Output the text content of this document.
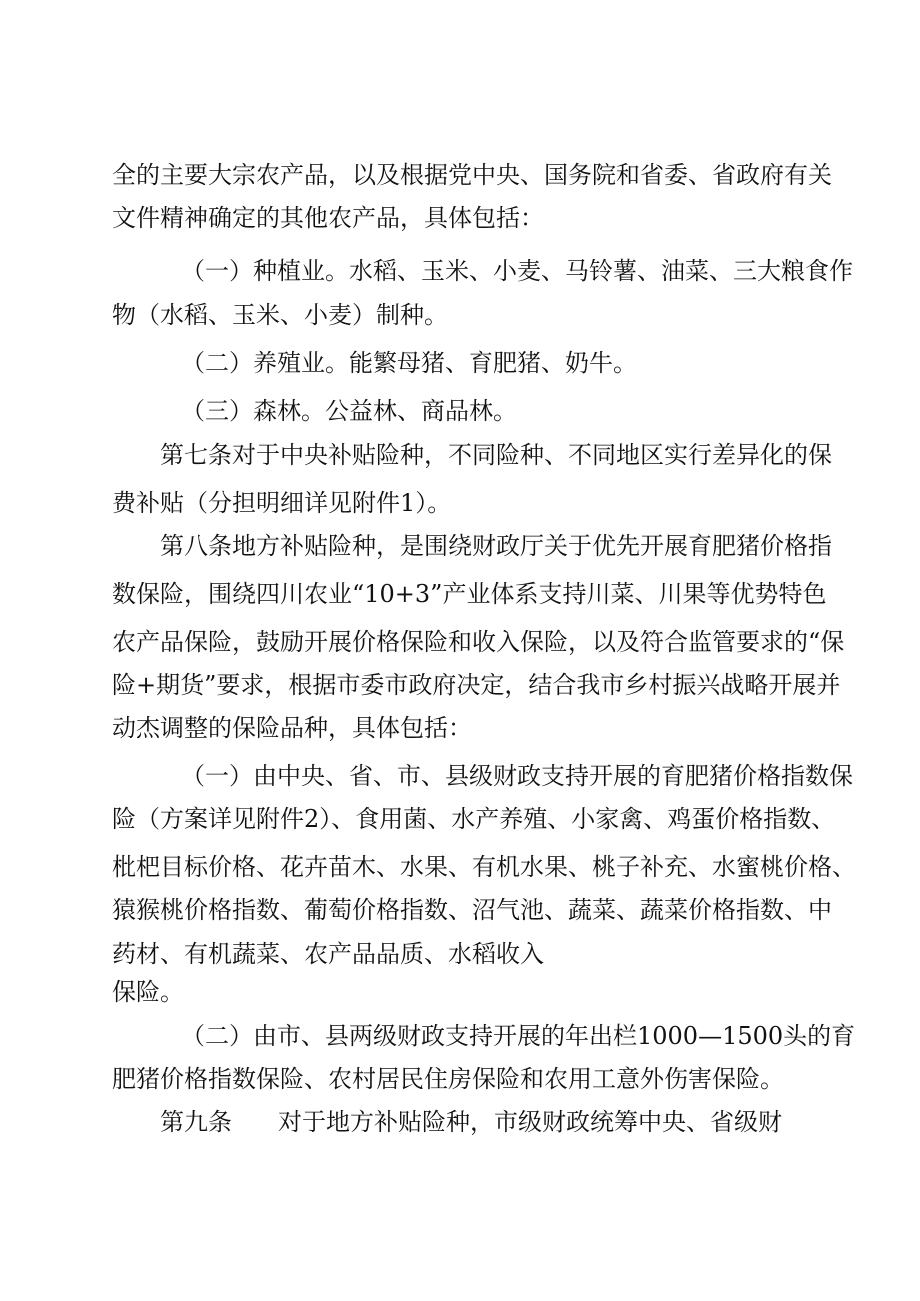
全的主要大宗农产品，以及根据党中央、国务院和省委、省政府有关

文件精神确定的其他农产品，具体包括：

（一）种植业。水稻、玉米、小麦、马铃薯、油菜、三大粮食作

物（水稻、玉米、小麦）制种。

（二）养殖业。能繁母猪、育肥猪、奶牛。

（三）森林。公益林、商品林。

第七条对于中央补贴险种，不同险种、不同地区实行差异化的保

费补贴（分担明细详见附件1）。

第八条地方补贴险种，是围绕财政厅关于优先开展育肥猪价格指

数保险，围绕四川农业“10+3”产业体系支持川菜、川果等优势特色

农产品保险，鼓励开展价格保险和收入保险，以及符合监管要求的“保

险+期货”要求，根据市委市政府决定，结合我市乡村振兴战略开展并

动杰调整的保险品种，具体包括：

（一）由中央、省、市、县级财政支持开展的育肥猪价格指数保

险（方案详见附件2）、食用菌、水产养殖、小家禽、鸡蛋价格指数、

枇杷目标价格、花卉苗木、水果、有机水果、桃子补充、水蜜桃价格、

猿猴桃价格指数、葡萄价格指数、沼气池、蔬菜、蔬菜价格指数、中

药材、有机蔬菜、农产品品质、水稻收入

保险。

（二）由市、县两级财政支持开展的年出栏1000—1500头的育

肥猪价格指数保险、农村居民住房保险和农用工意外伤害保险。

第九条 对于地方补贴险种，市级财政统筹中央、省级财
